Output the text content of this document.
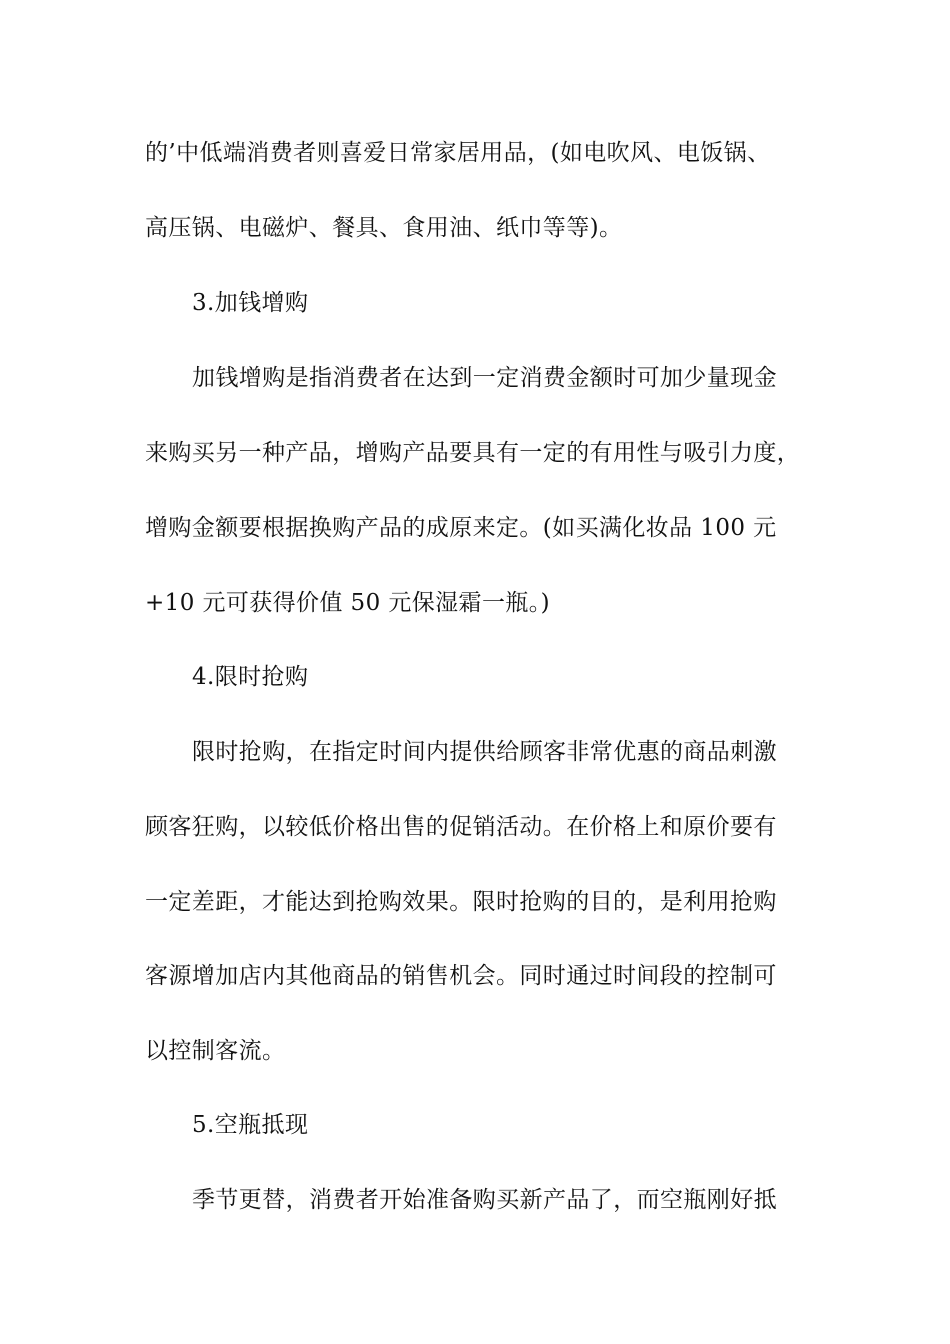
的’中低端消费者则喜爱日常家居用品，(如电吹风、电饭锅、
高压锅、电磁炉、餐具、食用油、纸巾等等)。
3.加钱增购
加钱增购是指消费者在达到一定消费金额时可加少量现金
来购买另一种产品，增购产品要具有一定的有用性与吸引力度，
增购金额要根据换购产品的成原来定。(如买满化妆品 100 元
+10 元可获得价值 50 元保湿霜一瓶。)
4.限时抢购
限时抢购，在指定时间内提供给顾客非常优惠的商品刺激
顾客狂购，以较低价格出售的促销活动。在价格上和原价要有
一定差距，才能达到抢购效果。限时抢购的目的，是利用抢购
客源增加店内其他商品的销售机会。同时通过时间段的控制可
以控制客流。
5.空瓶抵现
季节更替，消费者开始准备购买新产品了，而空瓶刚好抵
